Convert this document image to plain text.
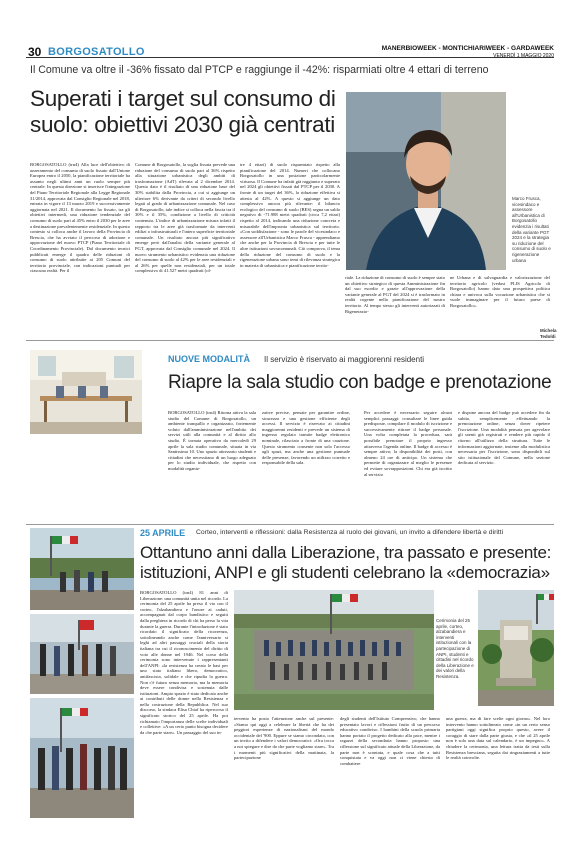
30 BORGOSATOLLO	MANERBIOWEEK - MONTICHIARIWEEK - GARDAWEEK
VENERDÌ 1 MAGGIO 2020
Il Comune va oltre il -36% fissato dal PTCP e raggiunge il -42%: risparmiati oltre 4 ettari di terreno
Superati i target sul consumo di suolo: obiettivi 2030 già centrati
BORGOSATOLLO (trn4) Alla luce dell'obiettivo di azzeramento del consumo di suolo fissato dall'Unione Europea entro il 2050, la pianificazione territoriale ha assunto negli ultimi anni un ruolo sempre più centrale. In questa direzione si inserisce l'integrazione del Piano Territoriale Regionale alla Legge Regionale 31/2014, approvata dal Consiglio Regionale nel 2018, entrata in vigore il 13 marzo 2019 e successivamente aggiornata nel 2021. Il documento ha fissato, tra gli obiettivi intermedi, una riduzione tendenziale del consumo di suolo pari al 45% entro il 2030 per le aree a destinazione prevalentemente residenziale. In questo contesto si colloca anche il lavoro della Provincia di Brescia, che ha avviato il percorso di adozione e approvazione del nuovo PTCP (Piano Territoriale di Coordinamento Provinciale). Dal documento tecnici pubblicati emerge il quadro delle riduzioni di consumo di suolo attribuite ai 205 Comuni del territorio provinciale, con indicazioni puntuali per ciascuna realtà. Per il
Comune di Borgosatollo, la soglia fissata prevede una riduzione del consumo di suolo pari al 36% rispetto alla situazione urbanistica degli ambiti di trasformazione (AdT) rilevata al 2 dicembre 2014. Questo dato è il risultato di una riduzione base del 30% stabilita dalla Provincia, a cui si aggiunge un ulteriore 6% derivante da criteri di secondo livello legati al grado di urbanizzazione comunale. Nel caso di Borgosatollo, tale indice si colloca nella fascia tra il 30% e il 35%, condizione a livello di criticità contenuta. L'indice di urbanizzazione misura infatti il rapporto tra le aree già trasformate da interventi edilizi o infrastrutturali e l'intero superficie territoriale comunale. Un risultato ancora più significativo emerge però dall'analisi della variante generale al PGT, approvata dal Consiglio comunale nel 2024. Il nuovo strumento urbanistico evidenzia una riduzione del consumo di suolo al 42% per le aree residenziali e al 26% per quelle non residenziali, per un totale complessivo di 41.527 metri quadrati (ol-
tre 4 ettari) di suolo risparmiato rispetto alla pianificazione del 2014. Numeri che collocano Borgosatollo in una posizione particolarmente virtuosa. Il Comune ha infatti già raggiunto e superato nel 2024 gli obiettivi fissati dal PTCP per il 2030. A fronte di un target del 36%, la riduzione effettiva si attesta al 42%. A questo si aggiunge un dato complessivo ancora più rilevante: il bilancio ecologico del consumo di suolo (BES) segna un saldo negativo di -71.988 metri quadrati (circa 7,2 ettari) rispetto al 2014, indicando una riduzione concreta e misurabile dell'impronta urbanistica sul territorio. «Con soddisfazione - sono le parole del vicesindaco e assessore all'Urbanistica Marco Frusca - apprendiamo che anche per la Provincia di Brescia e per tutte le altre istituzioni sovracomunali. Ciò comprova, il tema della riduzione del consumo di suolo e la rigenerazione urbana sono temi di rilevanza strategica in materia di urbanistica e pianificazione territo-
riale. La riduzione di consumo di suolo è sempre stato un obiettivo strategico di questa Amministrazione fin dal suo esordio e grazie all'approvazione della variante generale al PGT del 2024 si è trasformato in realtà cogente nella pianificazione del nostro territorio. Al tempo stesso gli interventi autorizzati di Rigenerazio-
ne Urbana e di salvaguardia e valorizzazione del territorio agricolo (vedasi PLIS Agricolo di Borgosatollo) hanno dato una prospettiva politica chiara e univoca sulla vocazione urbanistica che si vuole immaginare per il futuro paese di Borgosatollo».
Michela Tedoldi
Marco Frusca, vicesindaco e assessore all'Urbanistica di Borgosatollo evidenzia i risultati della variante PGT 2024 e la strategia su riduzione del consumo di suolo e rigenerazione urbana
NUOVE MODALITÀ Il servizio è riservato ai maggiorenni residenti
Riapre la sala studio con badge e prenotazione
BORGOSATOLLO (trn4) Ritorna attiva la sala studio del Comune di Borgosatollo, un ambiente tranquillo e organizzato, fortemente voluto dall'amministrazione nell'ambito dei servizi utili alla comunità e al diritto allo studio. È tornata operativa da mercoledì 29 aprile la sala studio comunale, situata in via Santissima 10. Uno spazio attrezzato studenti e cittadini che necessitano di un luogo adeguato per lo studio individuale, che rispetto con modalità organiz-
zative precise, pensate per garantire ordine, sicurezza e una gestione efficiente degli accessi. Il servizio è riservato ai cittadini maggiorenni residenti e prevede un sistema di ingresso regolato tramite badge elettronico nominale, rilasciato a fronte di una cauzione. Questo strumento consente non solo l'accesso agli spazi, ma anche una gestione puntuale delle presenze, favorendo un utilizzo corretto e responsabile della sala.
Per accedere è necessario seguire alcuni semplici passaggi: consultare le linee guida predisposte, compilare il modulo di iscrizione e successivamente ritirare il badge personale. Una volta completata la procedura, sarà possibile prenotare il proprio ingresso attraverso l'agenda online. Il badge di accesso è sempre attivo; la disponibilità dei posti, con almeno 24 ore di anticipo. Un sistema che permette di organizzare al meglio le presenze ed evitare sovrapposizioni. Chi era già iscritto al servizio
e dispone ancora del badge può accedere fin da subito, semplicemente effettuando la prenotazione online, senza dover ripetere l'iscrizione. Una modalità pensata per agevolare gli utenti già registrati e rendere più rapido il ritorno all'utilizzo della struttura. Tutte le informazioni aggiornate, insieme alla modulistica necessaria per l'iscrizione, sono disponibili sul sito istituzionale del Comune, nella sezione dedicata al servizio.
25 APRILE Corteo, interventi e riflessioni: dalla Resistenza al ruolo dei giovani, un invito a difendere libertà e diritti
Ottantuno anni dalla Liberazione, tra passato e presente: istituzioni, ANPI e gli studenti celebrano la «democrazia»
BORGOSATOLLO (trn4) 81 anni di Liberazione: una comunità unita nel ricordo. La cerimonia del 25 aprile ha preso il via con il corteo, l'alzabandiera e l'onore ai caduti, accompagnati dal corpo bandistico e seguiti dalla preghiera in ricordo di chi ha perso la vita durante la guerra. Durante l'introduzione è stato ricordato il significato della ricorrenza, sottolineando anche come l'anniversario si leghi ad altri passaggi cruciali della storia italiana tra cui il riconoscimento del diritto di voto alle donne nel 1946. Nel corso della cerimonia sono intervenute i rappresentanti dell'ANPI: «la resistenza ha creato le basi per uno stato italiano libero, democratico, antifascista, solidale e che ripudia la guerra. Non c'è futuro senza memoria, ma la memoria deve essere condivisa e sostenuta dalle istituzioni. Ampio spazio è stato dedicato anche ai contributi delle donne nella Resistenza e nella costruzione della Repubblica. Nel suo discorso, la sindaca Elisa Chiaf ha ripercorso il significato storico del 25 aprile. Ha poi richiamato l'importanza delle scelte individuali e collettive: «A un certo punto bisogna decidere da che parte stare». Un passaggio del suo in-
Cerimonia del 25 aprile, corteo, alzabandiera e interventi istituzionali con la partecipazione di ANPI, studenti e cittadini nel ricordo della Liberazione e dei valori della Resistenza.
tervento ha posto l'attenzione anche sul presente: «Siamo qui oggi a celebrare la libertà che ha dei peggiori esperienze di nazionalismi del mondo occidentale del '900. Eppure se siamo circondato, con un invito a difendere i valori democratici: «Ora tocca a noi spiegare e dire da che parte vogliamo stare». Tra i momenti più significativi della mattinata, la partecipazione
degli studenti dell'Istituto Comprensivo, che hanno presentato lavori e riflessioni frutto di un percorso educativo condiviso. I bambini della scuola primaria hanno portato il progetto dedicato alla pace, mentre i ragazzi della secondaria hanno proposto una riflessione sul significato attuale della Liberazione, da parte non è scontata, e quale cosa che a tutti conquistata e va oggi non ci viene chiesto di combattere
una guerra, ma di fare scelte ogni giorno». Nel loro intervento hanno sottolineato come «in un certo senso partigiani oggi significa proprio questo, avere il coraggio di stare dalla parte giusta, e che «il 25 aprile non è solo una data sul calendario, è un impegno». A chiudere la cerimonia, una lettura tratta da testi sulla Resistenza bresciana, seguita dai ringraziamenti a tutte le realtà coinvolte.
